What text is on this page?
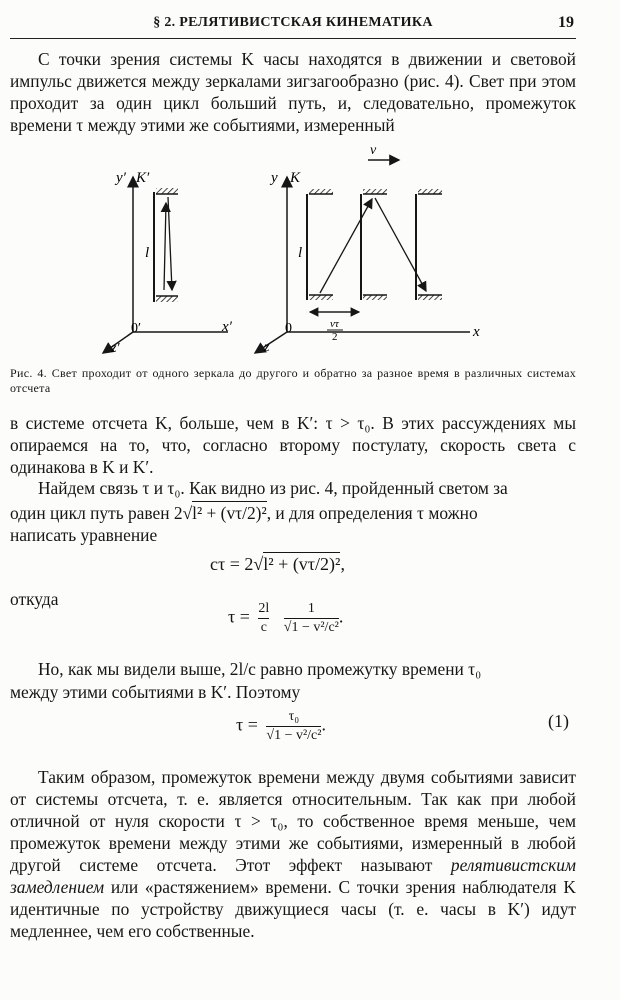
§ 2. РЕЛЯТИВИСТСКАЯ КИНЕМАТИКА	19
С точки зрения системы K часы находятся в движении и световой импульс движется между зеркалами зигзагообразно (рис. 4). Свет при этом проходит за один цикл больший путь, и, следовательно, промежуток времени τ между этими же событиями, измеренный
y′ K′
l
0′	x′
z′
v
y K
l
vτ
2
0	x
z
Рис. 4. Свет проходит от одного зеркала до другого и обратно за разное время в различных системах отсчета
в системе отсчета K, больше, чем в K′: τ > τ₀. В этих рассуждениях мы опираемся на то, что, согласно второму постулату, скорость света c одинакова в K и K′.
Найдем связь τ и τ₀. Как видно из рис. 4, пройденный светом за
один цикл путь равен 2√l² + (vτ/2)², и для определения τ можно
написать уравнение
cτ = 2√l² + (vτ/2)²,
откуда
$\tau = \frac{2l}{c}$
$\frac{1}{\text{√1 − v²/c²}}$ .
Но, как мы видели выше, 2l/c равно промежутку времени τ₀
между этими событиями в K′. Поэтому
$\tau = \frac{\text{τ₀}}{\text{√1 − v²/c²}}$ .	(1)
Таким образом, промежуток времени между двумя событиями зависит от системы отсчета, т. е. является относительным. Так как при любой отличной от нуля скорости τ > τ₀, то собственное время меньше, чем промежуток времени между этими же событиями, измеренный в любой другой системе отсчета. Этот эффект называют релятивистским замедлением или «растяжением» времени. С точки зрения наблюдателя K идентичные по устройству движущиеся часы (т. е. часы в K′) идут медленнее, чем его собственные.
